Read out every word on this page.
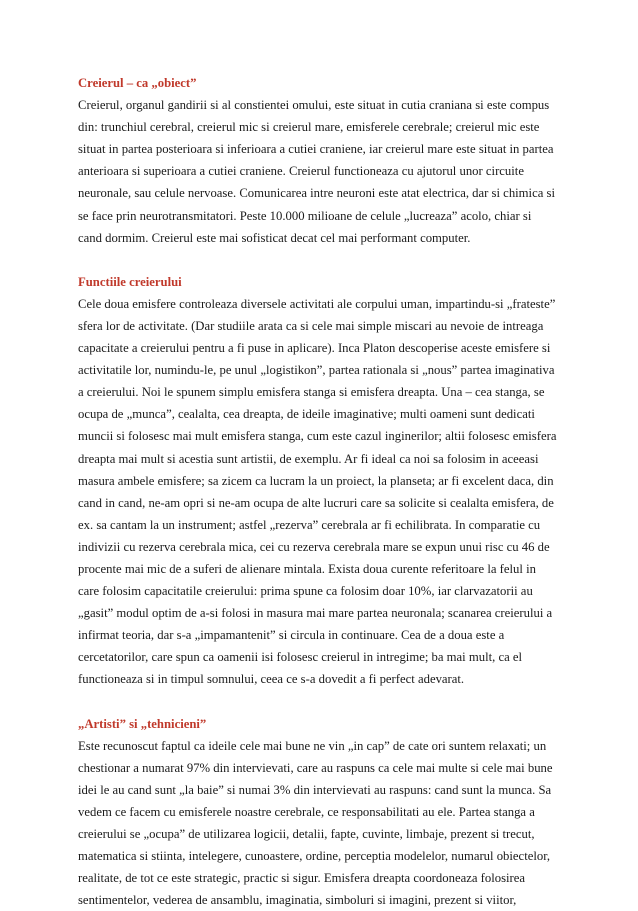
Creierul – ca „obiect”

Creierul, organul gandirii si al constientei omului, este situat in cutia craniana si este compus
din: trunchiul cerebral, creierul mic si creierul mare, emisferele cerebrale; creierul mic este
situat in partea posterioara si inferioara a cutiei craniene, iar creierul mare este situat in partea
anterioara si superioara a cutiei craniene. Creierul functioneaza cu ajutorul unor circuite
neuronale, sau celule nervoase. Comunicarea intre neuroni este atat electrica, dar si chimica si
se face prin neurotransmitatori. Peste 10.000 milioane de celule „lucreaza” acolo, chiar si
cand dormim. Creierul este mai sofisticat decat cel mai performant computer.

Functiile creierului

Cele doua emisfere controleaza diversele activitati ale corpului uman, impartindu-si „frateste”
sfera lor de activitate. (Dar studiile arata ca si cele mai simple miscari au nevoie de intreaga
capacitate a creierului pentru a fi puse in aplicare). Inca Platon descoperise aceste emisfere si
activitatile lor, numindu-le, pe unul „logistikon”, partea rationala si „nous” partea imaginativa
a creierului. Noi le spunem simplu emisfera stanga si emisfera dreapta. Una – cea stanga, se
ocupa de „munca”, cealalta, cea dreapta, de ideile imaginative; multi oameni sunt dedicati
muncii si folosesc mai mult emisfera stanga, cum este cazul inginerilor; altii folosesc emisfera
dreapta mai mult si acestia sunt artistii, de exemplu. Ar fi ideal ca noi sa folosim in aceeasi
masura ambele emisfere; sa zicem ca lucram la un proiect, la planseta; ar fi excelent daca, din
cand in cand, ne-am opri si ne-am ocupa de alte lucruri care sa solicite si cealalta emisfera, de
ex. sa cantam la un instrument; astfel „rezerva” cerebrala ar fi echilibrata. In comparatie cu
indivizii cu rezerva cerebrala mica, cei cu rezerva cerebrala mare se expun unui risc cu 46 de
procente mai mic de a suferi de alienare mintala. Exista doua curente referitoare la felul in
care folosim capacitatile creierului: prima spune ca folosim doar 10%, iar clarvazatorii au
„gasit” modul optim de a-si folosi in masura mai mare partea neuronala; scanarea creierului a
infirmat teoria, dar s-a „impamantenit” si circula in continuare. Cea de a doua este a
cercetatorilor, care spun ca oamenii isi folosesc creierul in intregime; ba mai mult, ca el
functioneaza si in timpul somnului, ceea ce s-a dovedit a fi perfect adevarat.

„Artisti” si „tehnicieni”

Este recunoscut faptul ca ideile cele mai bune ne vin „in cap” de cate ori suntem relaxati; un
chestionar a numarat 97% din intervievati, care au raspuns ca cele mai multe si cele mai bune
idei le au cand sunt „la baie” si numai 3% din intervievati au raspuns: cand sunt la munca. Sa
vedem ce facem cu emisferele noastre cerebrale, ce responsabilitati au ele. Partea stanga a
creierului se „ocupa” de utilizarea logicii, detalii, fapte, cuvinte, limbaje, prezent si trecut,
matematica si stiinta, intelegere, cunoastere, ordine, perceptia modelelor, numarul obiectelor,
realitate, de tot ce este strategic, practic si sigur. Emisfera dreapta coordoneaza folosirea
sentimentelor, vederea de ansamblu, imaginatia, simboluri si imagini, prezent si viitor,
